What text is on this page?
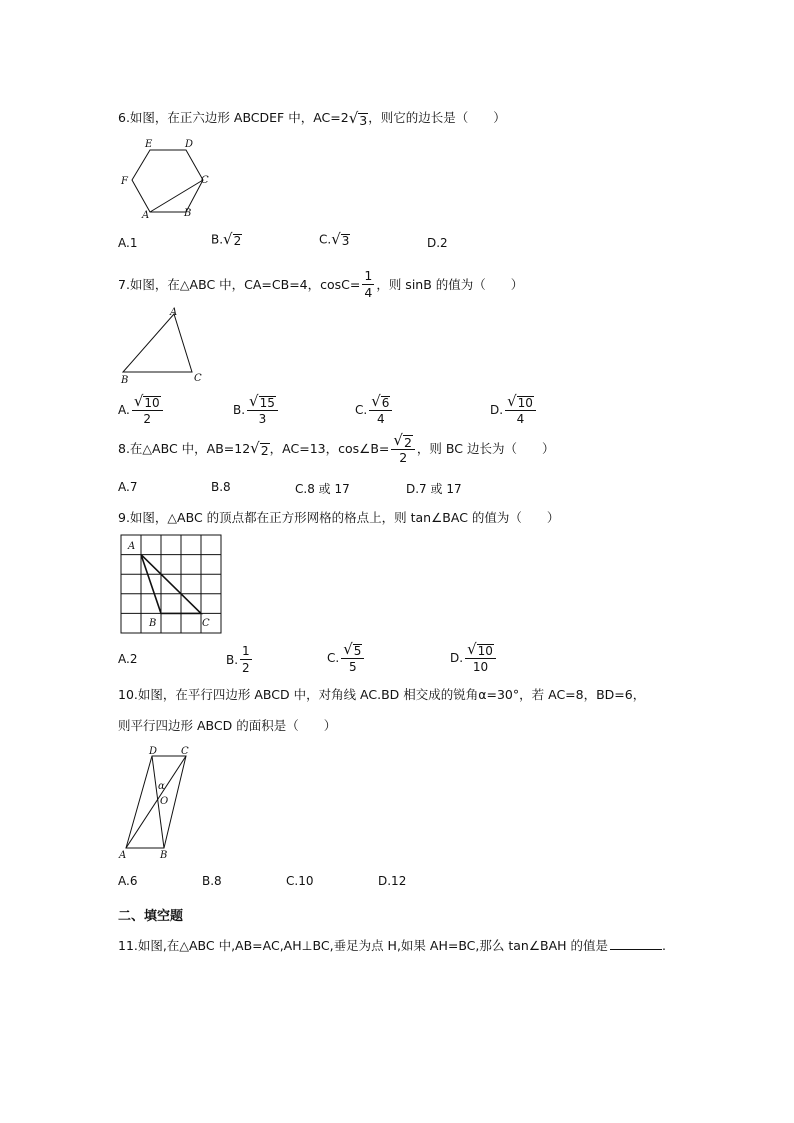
6.如图，在正六边形 ABCDEF 中，AC=2 √ 3 ，则它的边长是（　　）
A	B
C
D
E
F
A.1	B. √ 2	C. √ 3	D.2
7.如图，在△ABC 中，CA=CB=4，$\cos C= \frac{1}{4}$ ，则 sinB 的值为（　　）
A
B	C
A. $\frac{√ 10}{2}$	B. $\frac{√ 15}{3}$	C. $\frac{√ 6}{4}$	D. $\frac{√ 10}{4}$
8.在△ABC 中，AB=12 √ 2 ，AC=13，cos∠B= $\frac{√ 2}{2}$ ，则 BC 边长为（　　）
A.7	B.8	C.8 或 17	D.7 或 17
9.如图，△ABC 的顶点都在正方形网格的格点上，则 tan∠BAC 的值为（　　）
A
B	C
A.2	B. $\frac{1}{2}$	C. $\frac{√ 5}{5}$	D. $\frac{√ 10}{10}$
10.如图，在平行四边形 ABCD 中，对角线 AC.BD 相交成的锐角α=30°，若 AC=8，BD=6，
则平行四边形 ABCD 的面积是（　　）
D C
α
O
A	B
A.6	B.8	C.10	D.12
二、填空题
11.如图,在△ABC 中,AB=AC,AH⊥BC,垂足为点 H,如果 AH=BC,那么 tan∠BAH 的值是	.
